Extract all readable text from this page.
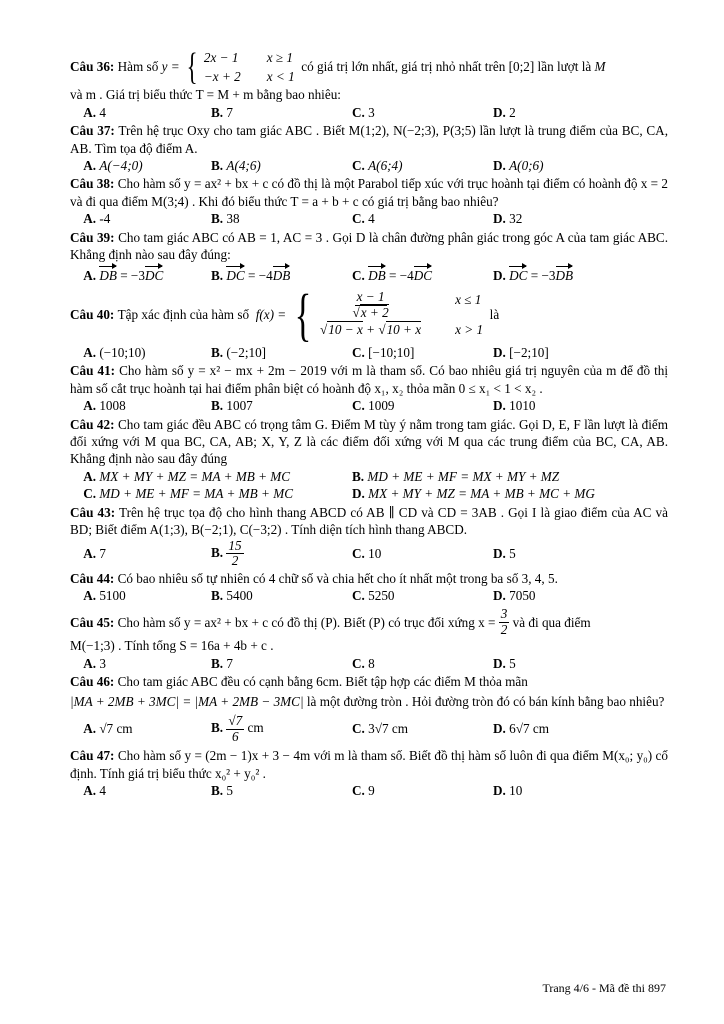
Câu 36:
Hàm số
y = { 2x − 1 x ≥ 1
−x + 2 x < 1

có giá trị lớn nhất, giá trị nhỏ nhất trên
[0;2]
lần lượt là
M
và m . Giá trị biểu thức T = M + m bằng bao nhiêu:
A. 4	B. 7	C. 3	D. 2
Câu 37: Trên hệ trục Oxy cho tam giác ABC . Biết M(1;2), N(−2;3), P(3;5) lần lượt là trung điểm của BC, CA, AB. Tìm tọa độ điểm A.
A. A(−4;0)	B. A(4;6)	C. A(6;4)	D. A(0;6)
Câu 38: Cho hàm số y = ax² + bx + c có đồ thị là một Parabol tiếp xúc với trục hoành tại điểm có hoành độ x = 2 và đi qua điểm M(3;4) . Khi đó biểu thức T = a + b + c có giá trị bằng bao nhiêu?
A. -4	B. 38	C. 4	D. 32
Câu 39: Cho tam giác ABC có AB = 1, AC = 3 . Gọi D là chân đường phân giác trong góc A của tam giác ABC. Khẳng định nào sau đây đúng:
A. DB = −3DC	B. DC = −4DB	C. DB = −4DC	D. DC = −3DB
Câu 40:
Tập xác định của hàm số
f(x) = { $\frac{x - 1}{√x + 2}$	x ≤ 1
√10 − x + √10 + x	x > 1

là
A. (−10;10)	B. (−2;10]	C. [−10;10]	D. [−2;10]
Câu 41: Cho hàm số y = x² − mx + 2m − 2019 với m là tham số. Có bao nhiêu giá trị nguyên của m để đồ thị hàm số cắt trục hoành tại hai điểm phân biệt có hoành độ x₁, x₂ thỏa mãn 0 ≤ x₁ < 1 < x₂ .
A. 1008	B. 1007	C. 1009	D. 1010
Câu 42: Cho tam giác đều ABC có trọng tâm G. Điểm M tùy ý nằm trong tam giác. Gọi D, E, F lần lượt là điểm đối xứng với M qua BC, CA, AB; X, Y, Z là các điểm đối xứng với M qua các trung điểm của BC, CA, AB. Khẳng định nào sau đây đúng
A. MX + MY + MZ = MA + MB + MC	B. MD + ME + MF = MX + MY + MZ
C. MD + ME + MF = MA + MB + MC	D. MX + MY + MZ = MA + MB + MC + MG
Câu 43: Trên hệ trục tọa độ cho hình thang ABCD có AB ∥ CD và CD = 3AB . Gọi I là giao điểm của AC và BD; Biết điểm A(1;3), B(−2;1), C(−3;2) . Tính diện tích hình thang ABCD.
A. 7	B. $\frac{15}{2}$	C. 10	D. 5
Câu 44: Có bao nhiêu số tự nhiên có 4 chữ số và chia hết cho ít nhất một trong ba số 3, 4, 5.
A. 5100	B. 5400	C. 5250	D. 7050
Câu 45:
Cho hàm số y = ax² + bx + c có đồ thị (P). Biết (P) có trục đối xứng x =
$\frac{3}{2}$
và đi qua điểm
M(−1;3) . Tính tổng S = 16a + 4b + c .
A. 3	B. 7	C. 8	D. 5
Câu 46: Cho tam giác ABC đều có cạnh bằng 6cm. Biết tập hợp các điểm M thỏa mãn
|MA + 2MB + 3MC| = |MA + 2MB − 3MC| là một đường tròn . Hỏi đường tròn đó có bán kính bằng bao nhiêu?
A. √7 cm	B. $\frac{√7}{6}$ cm	C. 3√7 cm	D. 6√7 cm
Câu 47: Cho hàm số y = (2m − 1)x + 3 − 4m với m là tham số. Biết đồ thị hàm số luôn đi qua điểm M(x₀; y₀) cố định. Tính giá trị biểu thức x₀² + y₀² .
A. 4	B. 5	C. 9	D. 10
Trang 4/6 - Mã đề thi 897
